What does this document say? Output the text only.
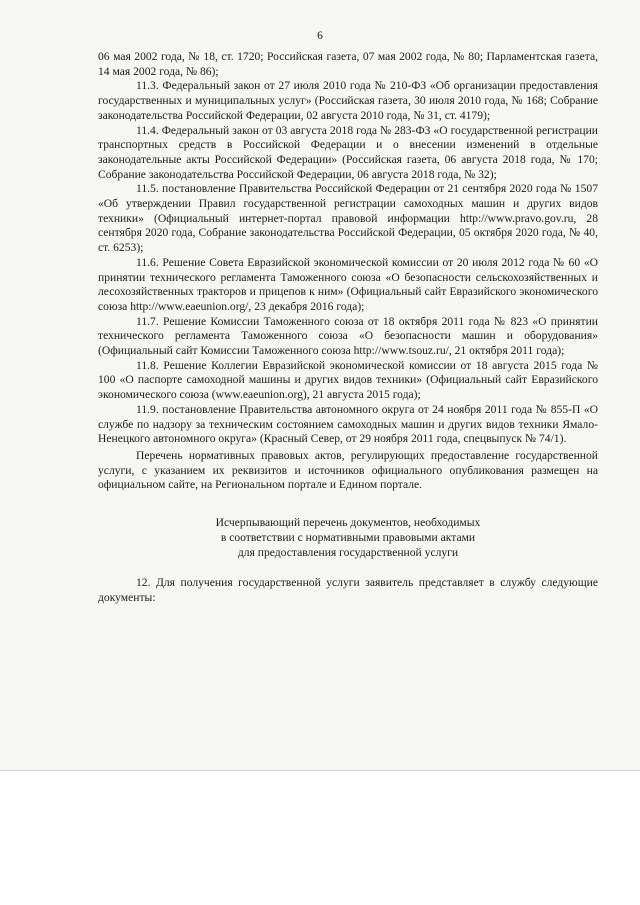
6

06 мая 2002 года, № 18, ст. 1720; Российская газета, 07 мая 2002 года, № 80; Парламентская газета, 14 мая 2002 года, № 86);

11.3. Федеральный закон от 27 июля 2010 года № 210-ФЗ «Об организации предоставления государственных и муниципальных услуг» (Российская газета, 30 июля 2010 года, № 168; Собрание законодательства Российской Федерации, 02 августа 2010 года, № 31, ст. 4179);

11.4. Федеральный закон от 03 августа 2018 года № 283-ФЗ «О государственной регистрации транспортных средств в Российской Федерации и о внесении изменений в отдельные законодательные акты Российской Федерации» (Российская газета, 06 августа 2018 года, № 170; Собрание законодательства Российской Федерации, 06 августа 2018 года, № 32);

11.5. постановление Правительства Российской Федерации от 21 сентября 2020 года № 1507 «Об утверждении Правил государственной регистрации самоходных машин и других видов техники» (Официальный интернет-портал правовой информации http://www.pravo.gov.ru, 28 сентября 2020 года, Собрание законодательства Российской Федерации, 05 октября 2020 года, № 40, ст. 6253);

11.6. Решение Совета Евразийской экономической комиссии от 20 июля 2012 года № 60 «О принятии технического регламента Таможенного союза «О безопасности сельскохозяйственных и лесохозяйственных тракторов и прицепов к ним» (Официальный сайт Евразийского экономического союза http://www.eaeunion.org/, 23 декабря 2016 года);

11.7. Решение Комиссии Таможенного союза от 18 октября 2011 года № 823 «О принятии технического регламента Таможенного союза «О безопасности машин и оборудования» (Официальный сайт Комиссии Таможенного союза http://www.tsouz.ru/, 21 октября 2011 года);

11.8. Решение Коллегии Евразийской экономической комиссии от 18 августа 2015 года № 100 «О паспорте самоходной машины и других видов техники» (Официальный сайт Евразийского экономического союза (www.eaeunion.org), 21 августа 2015 года);

11.9. постановление Правительства автономного округа от 24 ноября 2011 года № 855-П «О службе по надзору за техническим состоянием самоходных машин и других видов техники Ямало-Ненецкого автономного округа» (Красный Север, от 29 ноября 2011 года, спецвыпуск № 74/1).

Перечень нормативных правовых актов, регулирующих предоставление государственной услуги, с указанием их реквизитов и источников официального опубликования размещен на официальном сайте, на Региональном портале и Едином портале.

Исчерпывающий перечень документов, необходимых
в соответствии с нормативными правовыми актами
для предоставления государственной услуги

12. Для получения государственной услуги заявитель представляет в службу следующие документы:
